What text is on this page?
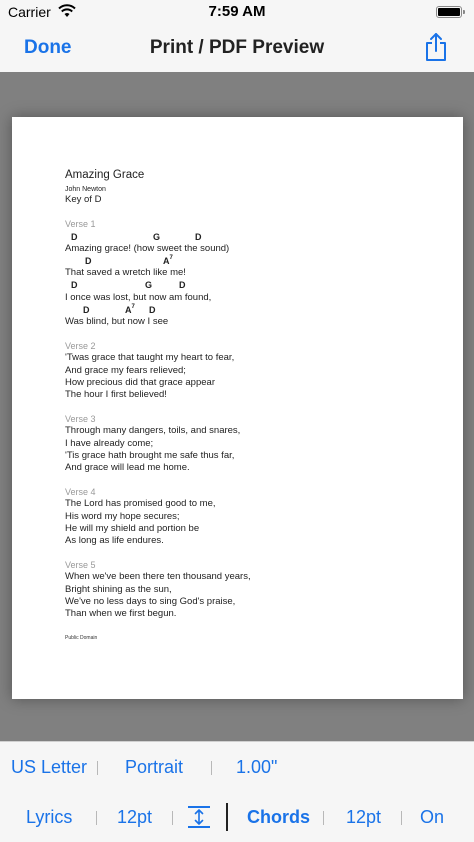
Carrier	7:59 AM
Done	Print / PDF Preview
Amazing Grace
John Newton
Key of D
Verse 1
D	G	D
Amazing grace! (how sweet the sound)
D	$A^7$
That saved a wretch like me!
D	G	D
I once was lost, but now am found,
D	$A^7$ D
Was blind, but now I see
Verse 2
'Twas grace that taught my heart to fear,
And grace my fears relieved;
How precious did that grace appear
The hour I first believed!
Verse 3
Through many dangers, toils, and snares,
I have already come;
'Tis grace hath brought me safe thus far,
And grace will lead me home.
Verse 4
The Lord has promised good to me,
His word my hope secures;
He will my shield and portion be
As long as life endures.
Verse 5
When we've been there ten thousand years,
Bright shining as the sun,
We've no less days to sing God's praise,
Than when we first begun.
Public Domain
US Letter Portrait	1.00"
Lyrics 12pt	Chords 12pt On
